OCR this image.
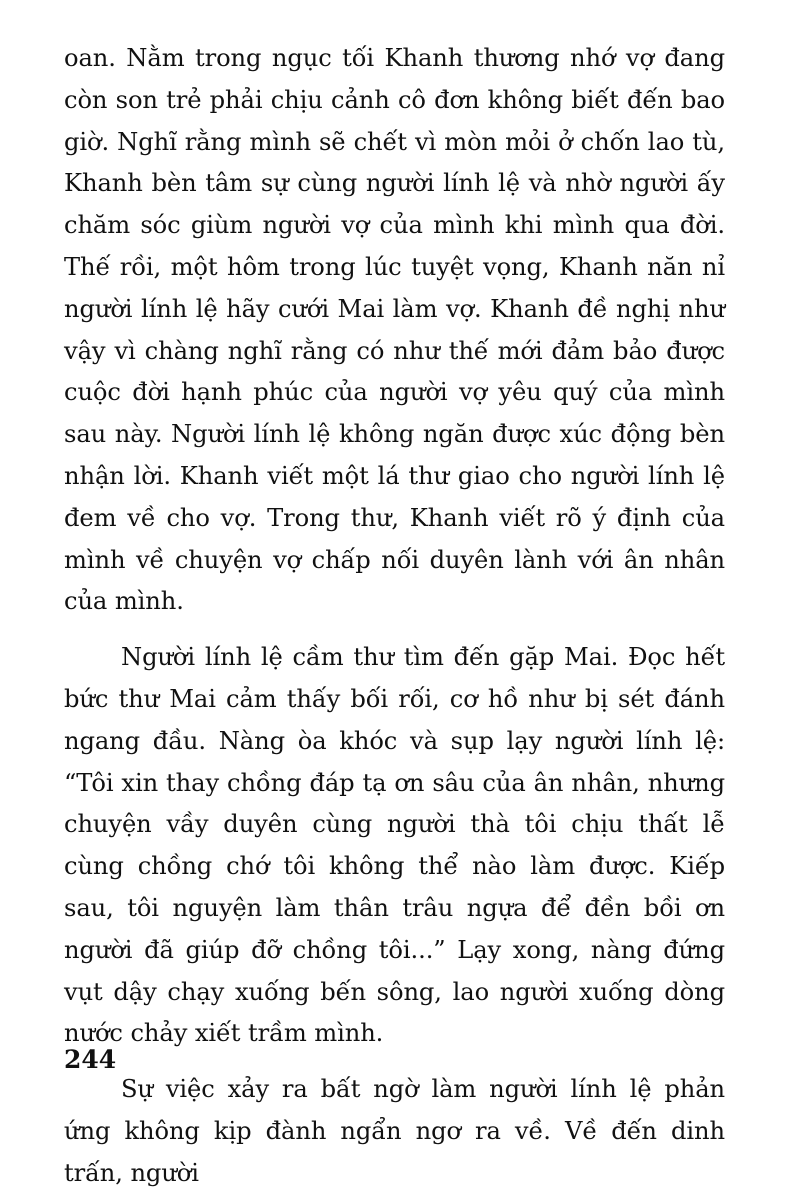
oan. Nằm trong ngục tối Khanh thương nhớ vợ đang còn son trẻ phải chịu cảnh cô đơn không biết đến bao giờ. Nghĩ rằng mình sẽ chết vì mòn mỏi ở chốn lao tù, Khanh bèn tâm sự cùng người lính lệ và nhờ người ấy chăm sóc giùm người vợ của mình khi mình qua đời. Thế rồi, một hôm trong lúc tuyệt vọng, Khanh năn nỉ người lính lệ hãy cưới Mai làm vợ. Khanh đề nghị như vậy vì chàng nghĩ rằng có như thế mới đảm bảo được cuộc đời hạnh phúc của người vợ yêu quý của mình sau này. Người lính lệ không ngăn được xúc động bèn nhận lời. Khanh viết một lá thư giao cho người lính lệ đem về cho vợ. Trong thư, Khanh viết rõ ý định của mình về chuyện vợ chấp nối duyên lành với ân nhân của mình.

Người lính lệ cầm thư tìm đến gặp Mai. Đọc hết bức thư Mai cảm thấy bối rối, cơ hồ như bị sét đánh ngang đầu. Nàng òa khóc và sụp lạy người lính lệ: “Tôi xin thay chồng đáp tạ ơn sâu của ân nhân, nhưng chuyện vầy duyên cùng người thà tôi chịu thất lễ cùng chồng chớ tôi không thể nào làm được. Kiếp sau, tôi nguyện làm thân trâu ngựa để đền bồi ơn người đã giúp đỡ chồng tôi...” Lạy xong, nàng đứng vụt dậy chạy xuống bến sông, lao người xuống dòng nước chảy xiết trầm mình.

Sự việc xảy ra bất ngờ làm người lính lệ phản ứng không kịp đành ngẩn ngơ ra về. Về đến dinh trấn, người

244
